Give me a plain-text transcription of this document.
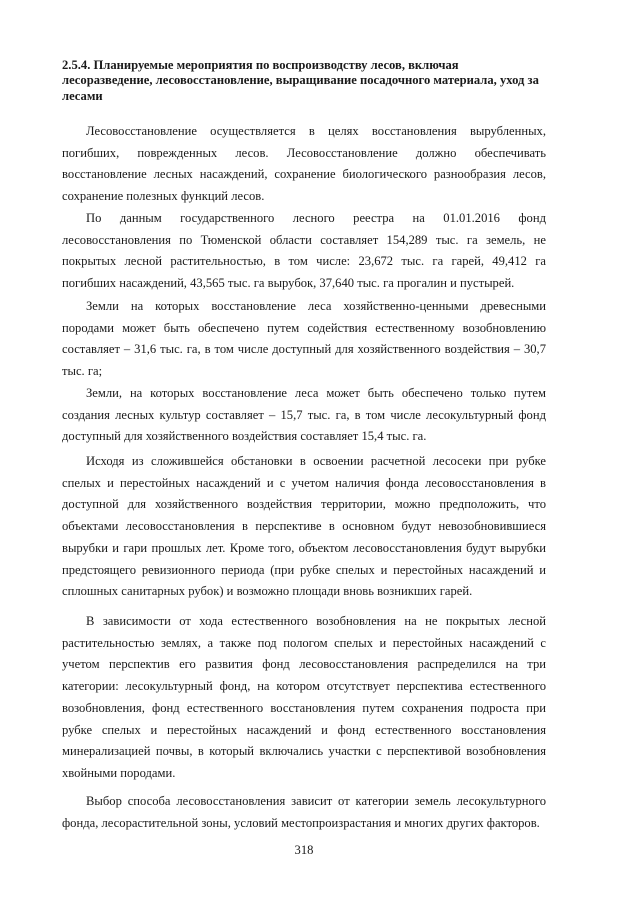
2.5.4. Планируемые мероприятия по воспроизводству лесов, включая лесоразведение, лесовосстановление, выращивание посадочного материала, уход за лесами

Лесовосстановление осуществляется в целях восстановления вырубленных, погибших, поврежденных лесов. Лесовосстановление должно обеспечивать восстановление лесных насаждений, сохранение биологического разнообразия лесов, сохранение полезных функций лесов.

По данным государственного лесного реестра на 01.01.2016 фонд лесовосстановления по Тюменской области составляет 154,289 тыс. га земель, не покрытых лесной растительностью, в том числе: 23,672 тыс. га гарей, 49,412 га погибших насаждений, 43,565 тыс. га вырубок, 37,640 тыс. га прогалин и пустырей.

Земли на которых восстановление леса хозяйственно-ценными древесными породами может быть обеспечено путем содействия естественному возобновлению составляет – 31,6 тыс. га, в том числе доступный для хозяйственного воздействия – 30,7 тыс. га;

Земли, на которых восстановление леса может быть обеспечено только путем создания лесных культур составляет – 15,7 тыс. га, в том числе лесокультурный фонд доступный для хозяйственного воздействия составляет 15,4 тыс. га.

Исходя из сложившейся обстановки в освоении расчетной лесосеки при рубке спелых и перестойных насаждений и с учетом наличия фонда лесовосстановления в доступной для хозяйственного воздействия территории, можно предположить, что объектами лесовосстановления в перспективе в основном будут невозобновившиеся вырубки и гари прошлых лет. Кроме того, объектом лесовосстановления будут вырубки предстоящего ревизионного периода (при рубке спелых и перестойных насаждений и сплошных санитарных рубок) и возможно площади вновь возникших гарей.

В зависимости от хода естественного возобновления на не покрытых лесной растительностью землях, а также под пологом спелых и перестойных насаждений с учетом перспектив его развития фонд лесовосстановления распределился на три категории: лесокультурный фонд, на котором отсутствует перспектива естественного возобновления, фонд естественного восстановления путем сохранения подроста при рубке спелых и перестойных насаждений и фонд естественного восстановления минерализацией почвы, в который включались участки с перспективой возобновления хвойными породами.

Выбор способа лесовосстановления зависит от категории земель лесокультурного фонда, лесорастительной зоны, условий местопроизрастания и многих других факторов.

318
